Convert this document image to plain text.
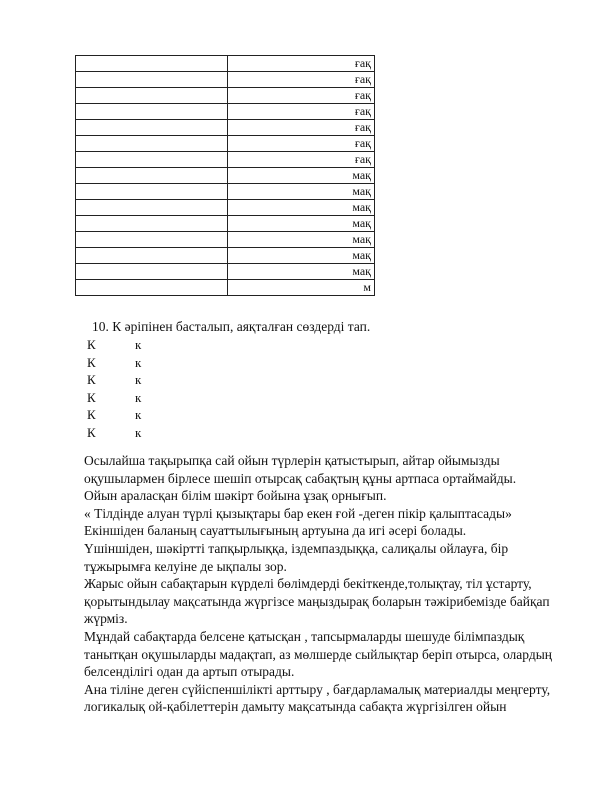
	ғақ
	ғақ
	ғақ
	ғақ
	ғақ
	ғақ
	ғақ
	мақ
	мақ
	мақ
	мақ
	мақ
	мақ
	мақ
	м
10. К әріпінен басталып, аяқталған сөздерді тап.
К	к
К	к
К	к
К	к
К	к
К	к

Осылайша тақырыпқа сай ойын түрлерін қатыстырып, айтар ойымызды

оқушылармен бірлесе шешіп отырсақ сабақтың құны артпаса ортаймайды.

Ойын араласқан білім шәкірт бойына ұзақ орнығып.

« Тілдіңде алуан түрлі қызықтары бар екен ғой -деген пікір қалыптасады»

Екіншіден баланың сауаттылығының артуына да игі әсері болады.

Үшіншіден, шәкіртті тапқырлыққа, іздемпаздыққа, салиқалы ойлауға, бір

тұжырымға келуіне де ықпалы зор.

Жарыс ойын сабақтарын күрделі бөлімдерді бекіткенде,толықтау, тіл ұстарту,

қорытындылау мақсатында жүргізсе маңыздырақ боларын тәжірибемізде байқап

жүрміз.

Мұндай сабақтарда белсене қатысқан , тапсырмаларды шешуде білімпаздық

танытқан оқушыларды мадақтап, аз мөлшерде сыйлықтар беріп отырса, олардың

белсенділігі одан да артып отырады.

Ана тіліне деген сүйіспеншілікті арттыру , бағдарламалық материалды меңгерту,

логикалық ой-қабілеттерін дамыту мақсатында сабақта жүргізілген ойын
